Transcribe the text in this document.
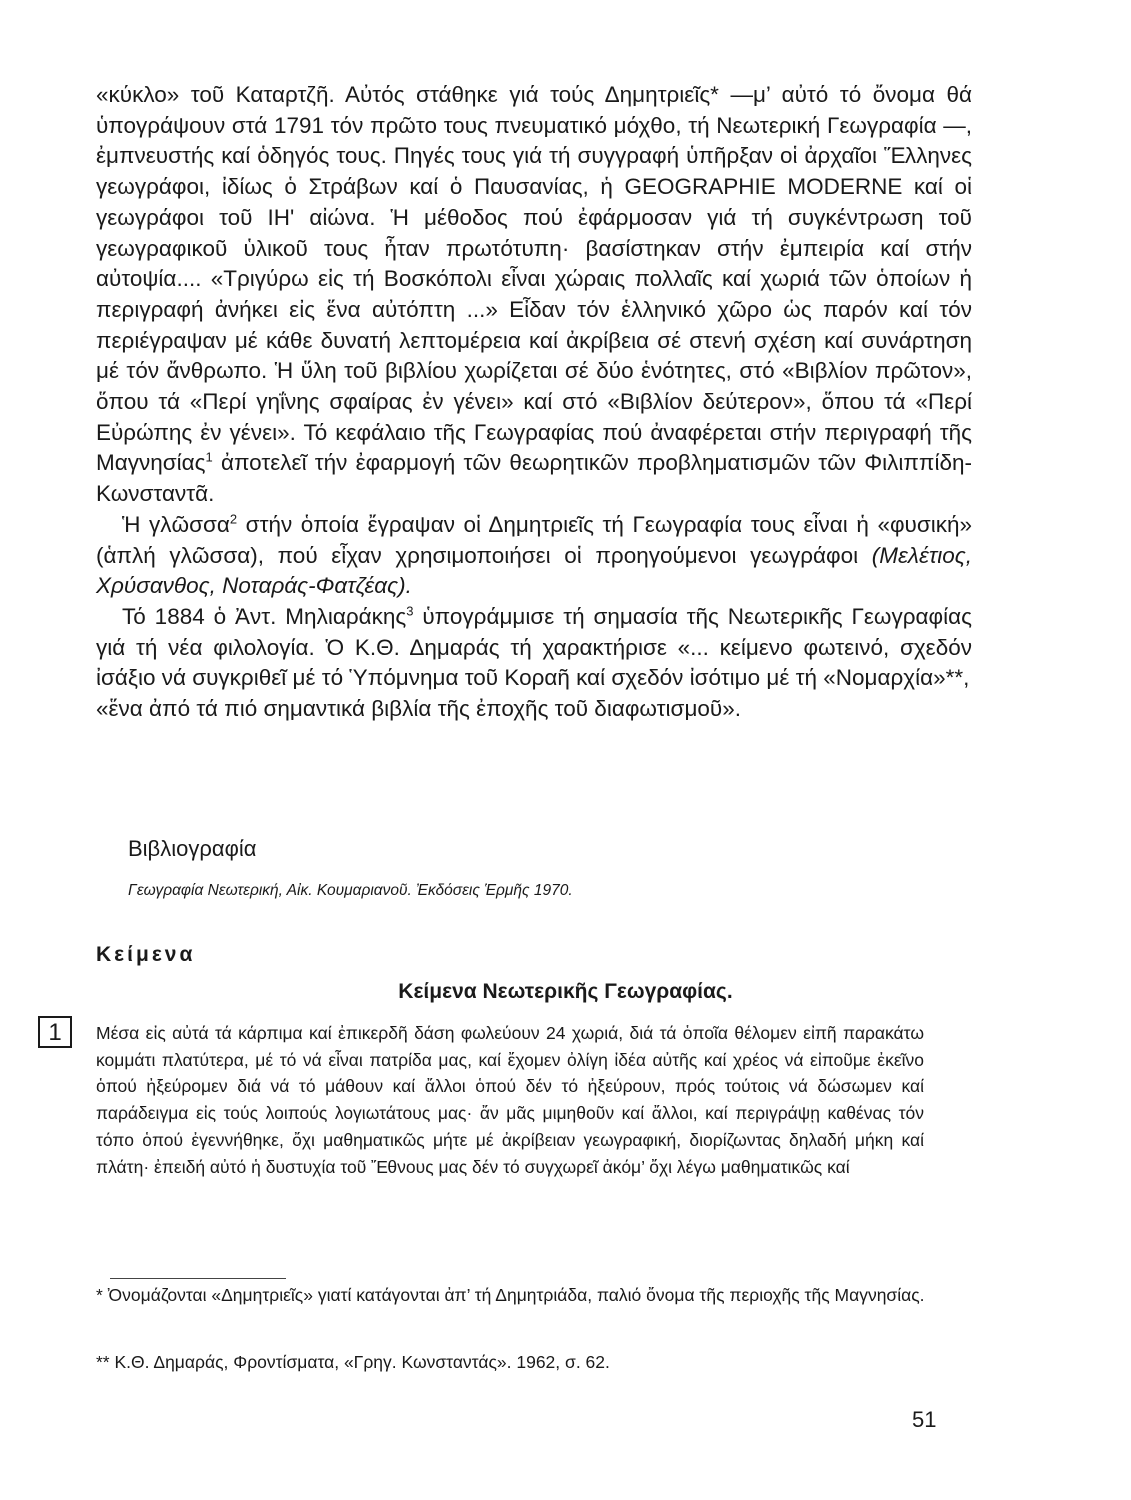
«κύκλο» τοῦ Καταρτζῆ. Αὐτός στάθηκε γιά τούς Δημητριεῖς* —μ’ αὐτό τό ὄνομα θά ὑπογράψουν στά 1791 τόν πρῶτο τους πνευματικό μόχθο, τή Νεωτερική Γεωγραφία —, ἐμπνευστής καί ὁδηγός τους. Πηγές τους γιά τή συγγραφή ὑπῆρξαν οἱ ἀρχαῖοι Ἕλληνες γεωγράφοι, ἰδίως ὁ Στράβων καί ὁ Παυσανίας, ἡ GEOGRAPHIE MODERNE καί οἱ γεωγράφοι τοῦ ΙΗ' αἰώνα. Ἡ μέθοδος πού ἐφάρμοσαν γιά τή συγκέντρωση τοῦ γεωγραφικοῦ ὑλικοῦ τους ἦταν πρωτότυπη· βασίστηκαν στήν ἐμπειρία καί στήν αὐτοψία.... «Τριγύρω εἰς τή Βοσκόπολι εἶναι χώραις πολλαῖς καί χωριά τῶν ὁποίων ἡ περιγραφή ἀνήκει εἰς ἕνα αὐτόπτη ...» Εἶδαν τόν ἑλληνικό χῶρο ὡς παρόν καί τόν περιέγραψαν μέ κάθε δυνατή λεπτομέρεια καί ἀκρίβεια σέ στενή σχέση καί συνάρτηση μέ τόν ἄνθρωπο. Ἡ ὕλη τοῦ βιβλίου χωρίζεται σέ δύο ἑνότητες, στό «Βιβλίον πρῶτον», ὅπου τά «Περί γηΐνης σφαίρας ἐν γένει» καί στό «Βιβλίον δεύτερον», ὅπου τά «Περί Εὐρώπης ἐν γένει». Τό κεφάλαιο τῆς Γεωγραφίας πού ἀναφέρεται στήν περιγραφή τῆς Μαγνησίας$^1$ ἀποτελεῖ τήν ἐφαρμογή τῶν θεωρητικῶν προβληματισμῶν τῶν Φιλιππίδη-Κωνσταντᾶ.

Ἡ γλῶσσα$^2$ στήν ὁποία ἔγραψαν οἱ Δημητριεῖς τή Γεωγραφία τους εἶναι ἡ «φυσική» (ἁπλή γλῶσσα), πού εἶχαν χρησιμοποιήσει οἱ προηγούμενοι γεωγράφοι (Μελέτιος, Χρύσανθος, Νοταράς-Φατζέας).

Τό 1884 ὁ Ἀντ. Μηλιαράκης$^3$ ὑπογράμμισε τή σημασία τῆς Νεωτερικῆς Γεωγραφίας γιά τή νέα φιλολογία. Ὁ Κ.Θ. Δημαράς τή χαρακτήρισε «... κείμενο φωτεινό, σχεδόν ἰσάξιο νά συγκριθεῖ μέ τό Ὑπόμνημα τοῦ Κοραῆ καί σχεδόν ἰσότιμο μέ τή «Νομαρχία»**,

«ἕνα ἀπό τά πιό σημαντικά βιβλία τῆς ἐποχῆς τοῦ διαφωτισμοῦ».

Βιβλιογραφία
Γεωγραφία Νεωτερική, Αἰκ. Κουμαριανοῦ. Ἐκδόσεις Ἑρμῆς 1970.
Κείμενα
Κείμενα Νεωτερικῆς Γεωγραφίας.
1	Μέσα εἰς αὐτά τά κάρπιμα καί ἐπικερδῆ δάση φωλεύουν 24 χωριά, διά τά ὁποῖα θέλομεν εἰπῆ παρακάτω κομμάτι πλατύτερα, μέ τό νά εἶναι πατρίδα μας, καί ἔχομεν ὀλίγη ἰδέα αὐτῆς καί χρέος νά εἰποῦμε ἐκεῖνο ὁπού ἠξεύρομεν διά νά τό μάθουν καί ἄλλοι ὁπού δέν τό ἠξεύρουν, πρός τούτοις νά δώσωμεν καί παράδειγμα εἰς τούς λοιπούς λογιωτάτους μας· ἄν μᾶς μιμηθοῦν καί ἄλλοι, καί περιγράψῃ καθένας τόν τόπο ὁπού ἐγεννήθηκε, ὄχι μαθηματικῶς μήτε μέ ἀκρίβειαν γεωγραφική, διορίζωντας δηλαδή μήκη καί πλάτη· ἐπειδή αὐτό ἡ δυστυχία τοῦ Ἔθνους μας δέν τό συγχωρεῖ ἀκόμ’ ὄχι λέγω μαθηματικῶς καί

* Ὀνομάζονται «Δημητριεῖς» γιατί κατάγονται ἀπ’ τή Δημητριάδα, παλιό ὄνομα τῆς περιοχῆς τῆς Μαγνησίας.
** Κ.Θ. Δημαράς, Φροντίσματα, «Γρηγ. Κωνσταντάς». 1962, σ. 62.
51
